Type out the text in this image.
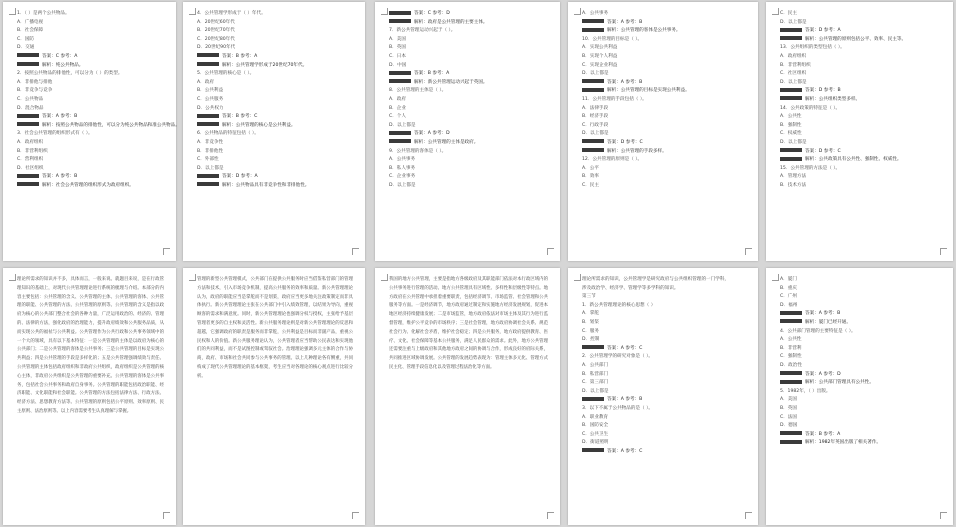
1．（ ）是两个公共物品。
A．广播电视
B．社会保障
C．国防
D．交通
答案：C 参考：A
解析：纯公共物品。
2．按照公共物品的排他性，可以分为（ ）的类型。
A．非排他与排他
B．非竞争与竞争
C．公共物品
D．混合物品
答案：A 参考：B
解析：按照公共物品的排他性，可以分为纯公共物品和准公共物品。
3．社会公共管理的组织形式有（ ）。
A．政府组织
B．非营利组织
C．营利组织
D．社区组织
答案：A 参考：B
解析：社会公共管理的组织形式为政府组织。
4．公共管理学形成于（ ）年代。
A．20世纪60年代
B．20世纪70年代
C．20世纪80年代
D．20世纪90年代
答案：B 参考：A
解析：公共管理学形成于20世纪70年代。
5．公共管理的核心是（ ）。
A．政府
B．公共利益
C．公共服务
D．公共权力
答案：B 参考：C
解析：公共管理的核心是公共利益。
6．公共物品的特征包括（ ）。
A．非竞争性
B．非排他性
C．外部性
D．以上都是
答案：D 参考：A
解析：公共物品具有非竞争性和非排他性。
答案：C 参考：D
解析：政府是公共管理的主要主体。
7．新公共管理运动兴起于（ ）。
A．美国
B．英国
C．日本
D．中国
答案：B 参考：A
解析：新公共管理运动兴起于英国。
8．公共管理的主体是（ ）。
A．政府
B．企业
C．个人
D．以上都是
答案：A 参考：D
解析：公共管理的主体是政府。
9．公共管理的客体是（ ）。
A．公共事务
B．私人事务
C．企业事务
D．以上都是
A．公共事务
答案：A 参考：B
解析：公共管理的客体是公共事务。
10．公共管理的目标是（ ）。
A．实现公共利益
B．实现个人利益
C．实现企业利益
D．以上都是
答案：A 参考：B
解析：公共管理的目标是实现公共利益。
11．公共管理的手段包括（ ）。
A．法律手段
B．经济手段
C．行政手段
D．以上都是
答案：D 参考：C
解析：公共管理的手段多样。
12．公共管理的原则是（ ）。
A．公平
B．效率
C．民主
C．民主
D．以上都是
答案：D 参考：A
解析：公共管理的原则包括公平、效率、民主等。
13．公共组织的类型包括（ ）。
A．政府组织
B．非营利组织
C．社区组织
D．以上都是
答案：D 参考：B
解析：公共组织类型多样。
14．公共政策的特征是（ ）。
A．公共性
B．强制性
C．权威性
D．以上都是
答案：D 参考：C
解析：公共政策具有公共性、强制性、权威性。
15．公共管理的方法是（ ）。
A．管理方法
B．技术方法
理论所需求的知识并不多，具体而言，一般来说。就题目来说，是在行政管理知识的基础上，对现代公共管理理论进行系统的梳理与介绍。本部分的内容主要包括：公共管理的含义、公共管理的主体、公共管理的客体、公共管理的职能、公共管理的方法、公共管理的原则等。公共管理的含义是指以政府为核心的公共部门整合社会的各种力量，广泛运用政治的、经济的、管理的、法律的方法，强化政府的治理能力，提升政府绩效和公共服务品质，从而实现公共的福祉与公共利益。公共管理作为公共行政和公共事务领域中的一个大的领域，具有以下基本特征：一是公共管理的主体是以政府为核心的公共部门；二是公共管理的客体是公共事务；三是公共管理的目标是实现公共利益；四是公共管理的手段是多样化的；五是公共管理强调绩效与责任。公共管理的主体包括政府组织和非政府公共组织，政府组织是公共管理的核心主体，非政府公共组织是公共管理的重要补充。公共管理的客体是公共事务，包括社会公共事务和政府自身事务。公共管理的职能包括政治职能、经济职能、文化职能和社会职能。公共管理的方法包括法律方法、行政方法、经济方法、思想教育方法等。公共管理的原则包括公平原则、效率原则、民主原则、法治原则等。以上内容需要考生认真理解与掌握。
管理的新型公共管理模式，公共部门在提供公共服务时应当借鉴私营部门的管理方法和技术，引入市场竞争机制，提高公共服务的效率和质量。新公共管理理论认为，政府的职能应当是掌舵而不是划桨，政府应当更多地关注政策制定而非具体执行。新公共管理理论主张在公共部门中引入绩效管理，以结果为导向，重视顾客的需求和满意度。同时，新公共管理理论也强调分权与授权，主张给予基层管理者更多的自主权和灵活性。新公共服务理论则是对新公共管理理论的反思和超越，它强调政府的职责是服务而非掌舵，公共利益是目标而非副产品，重视公民权和人的价值。新公共服务理论认为，公共管理者应当帮助公民表达和实现他们的共同利益，而不是试图控制或驾驭社会。治理理论强调多元主体的合作与协商，政府、市场和社会共同参与公共事务的管理。以上几种理论各有侧重，共同构成了现代公共管理理论的基本框架，考生应当对各理论的核心观点进行比较分析。
我国的地方公共管理，主要是指地方各级政府及其职能部门依法对本行政区域内的公共事务进行管理的活动。地方公共管理具有区域性、多样性和层级性等特点。地方政府在公共管理中承担着重要职责，包括经济调节、市场监管、社会管理和公共服务等方面。一是经济调节，地方政府通过制定和实施地方经济发展规划，促进本地区经济持续健康发展；二是市场监管，地方政府依法对市场主体及其行为进行监督管理，维护公平竞争的市场秩序；三是社会管理，地方政府协调社会关系、规范社会行为、化解社会矛盾，维护社会稳定；四是公共服务，地方政府提供教育、医疗、文化、社会保障等基本公共服务，满足人民群众的需求。此外，地方公共管理还需要注重与上级政府和其他地方政府之间的协调与合作，形成良好的府际关系，共同推进区域协调发展。公共管理的发展趋势表现为：管理主体多元化、管理方式民主化、管理手段信息化以及管理过程法治化等方面。
理论所需求的知识，公共管理学是研究政府与公共组织管理的一门学科，
涉及政治学、经济学、管理学等多学科的知识。
第三节
1．新公共管理理论的核心思想（ ）
A．掌舵
B．划桨
C．服务
D．控制
答案：A 参考：C
2．公共管理学的研究对象是（ ）。
A．公共部门
B．私营部门
C．第三部门
D．以上都是
答案：A 参考：B
3．以下不属于公共物品的是（ ）。
A．职业教育
B．国防安全
C．公共卫生
D．街道照明
答案：A 参考：C
A．厦门
B．重庆
C．广州
D．福州
答案：A 参考：B
解析：厦门已经开通。
4．公共部门管理的主要特征是（ ）。
A．公共性
B．非营利
C．强制性
D．政治性
答案：A 参考：D
解析：公共部门管理具有公共性。
5．1982年，（ ）出版。
A．美国
B．英国
C．法国
D．德国
答案：B 参考：A
解析：1982年英国出版了相关著作。
